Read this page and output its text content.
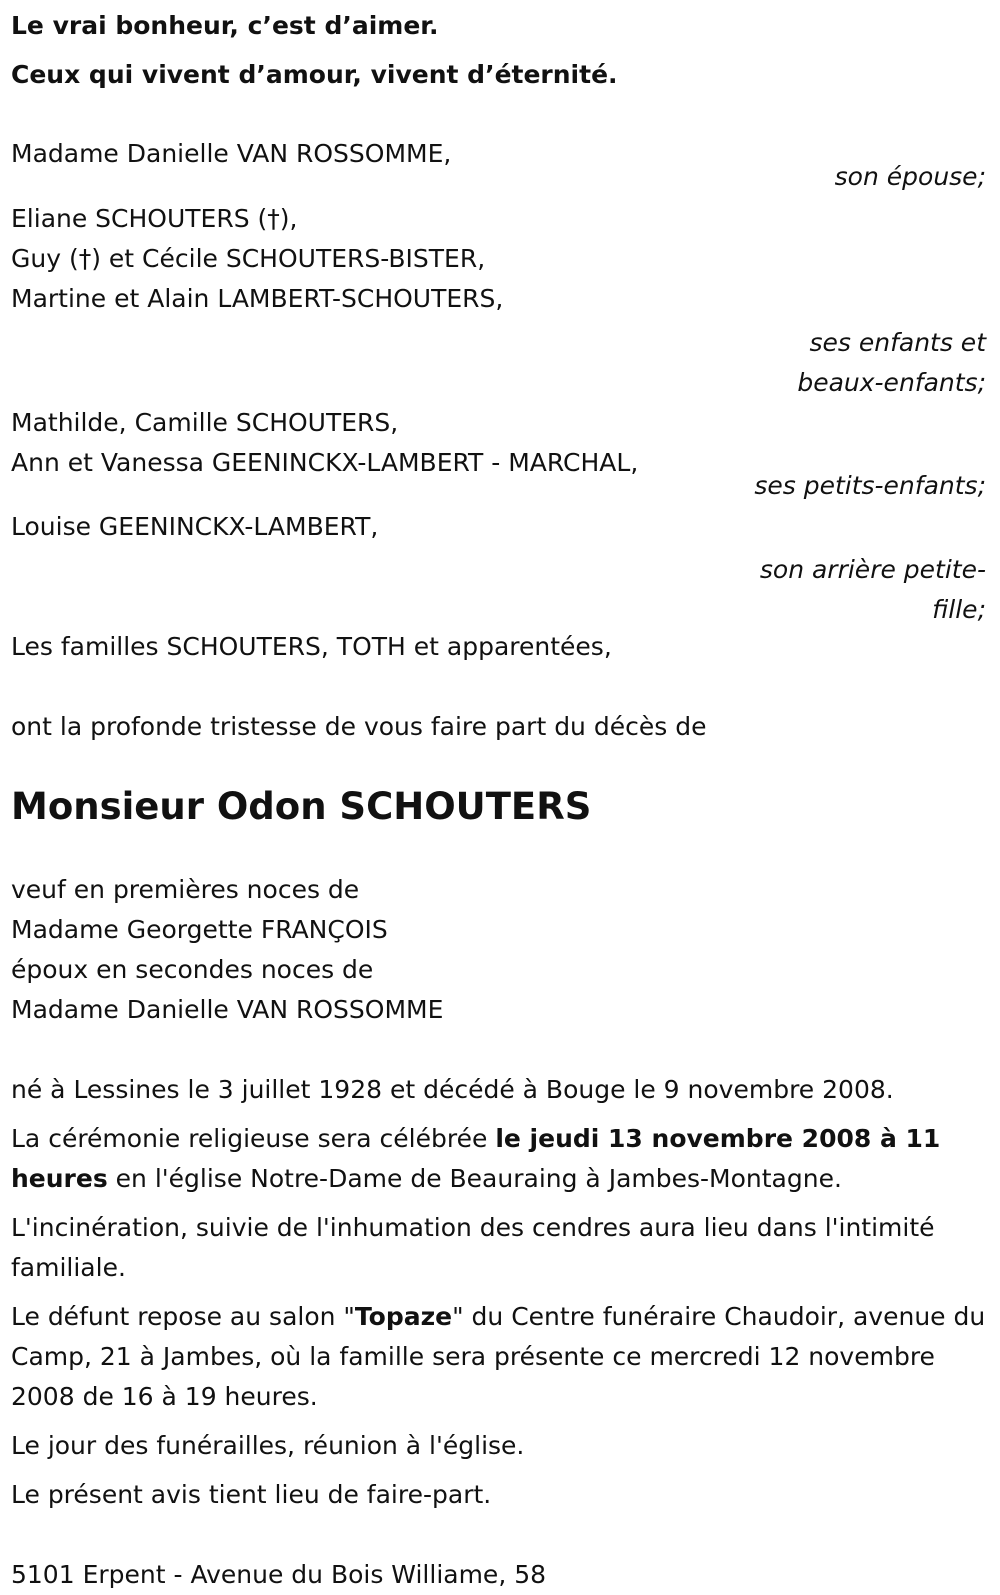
Le vrai bonheur, c’est d’aimer.

Ceux qui vivent d’amour, vivent d’éternité.

Madame Danielle VAN ROSSOMME,

son épouse;

Eliane SCHOUTERS (†),

Guy (†) et Cécile SCHOUTERS-BISTER,

Martine et Alain LAMBERT-SCHOUTERS,

ses enfants et

beaux-enfants;

Mathilde, Camille SCHOUTERS,

Ann et Vanessa GEENINCKX-LAMBERT - MARCHAL,

ses petits-enfants;

Louise GEENINCKX-LAMBERT,

son arrière petite-

fille;

Les familles SCHOUTERS, TOTH et apparentées,

ont la profonde tristesse de vous faire part du décès de

Monsieur Odon SCHOUTERS

veuf en premières noces de

Madame Georgette FRANÇOIS

époux en secondes noces de

Madame Danielle VAN ROSSOMME

né à Lessines le 3 juillet 1928 et décédé à Bouge le 9 novembre 2008.

La cérémonie religieuse sera célébrée le jeudi 13 novembre 2008 à 11 heures en l'église Notre-Dame de Beauraing à Jambes-Montagne.

L'incinération, suivie de l'inhumation des cendres aura lieu dans l'intimité familiale.

Le défunt repose au salon "Topaze" du Centre funéraire Chaudoir, avenue du Camp, 21 à Jambes, où la famille sera présente ce mercredi 12 novembre 2008 de 16 à 19 heures.

Le jour des funérailles, réunion à l'église.

Le présent avis tient lieu de faire-part.

5101 Erpent - Avenue du Bois Williame, 58
